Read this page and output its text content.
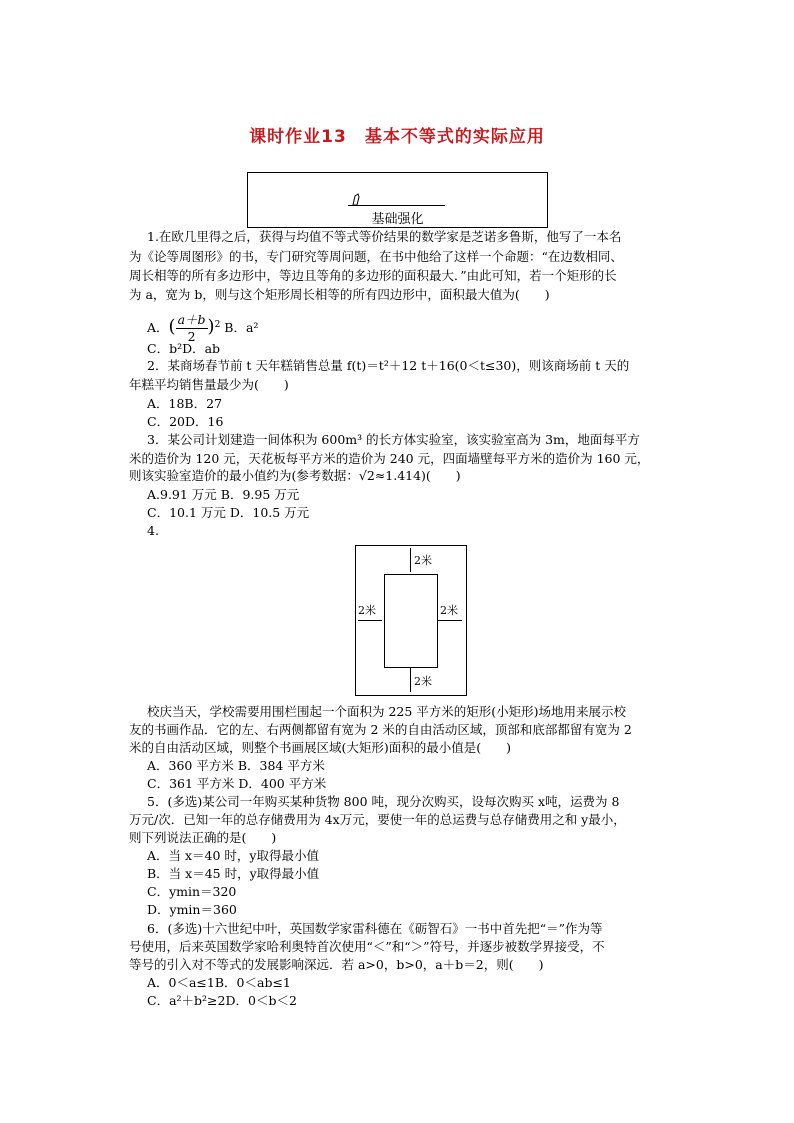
课时作业13　基本不等式的实际应用
基础强化
1.在欧几里得之后，获得与均值不等式等价结果的数学家是芝诺多鲁斯，他写了一本名
为《论等周图形》的书，专门研究等周问题，在书中他给了这样一个命题：“在边数相同、
周长相等的所有多边形中，等边且等角的多边形的面积最大．”由此可知，若一个矩形的长
为 a，宽为 b，则与这个矩形周长相等的所有四边形中，面积最大值为(　　)
A．( $\frac{a+b}{2} )^2$ B．a²
C．b²D．ab
2．某商场春节前 t 天年糕销售总量 f(t)＝t²＋12 t＋16(0＜t≤30)，则该商场前 t 天的
年糕平均销售量最少为(　　)
A．18B．27
C．20D．16
3．某公司计划建造一间体积为 600m³ 的长方体实验室，该实验室高为 3m，地面每平方
米的造价为 120 元，天花板每平方米的造价为 240 元，四面墙壁每平方米的造价为 160 元，
则该实验室造价的最小值约为(参考数据：√2≈1.414)(　　)
A.9.91 万元 B．9.95 万元
C．10.1 万元 D．10.5 万元
4.
2米
2米
2米	2米
校庆当天，学校需要用围栏围起一个面积为 225 平方米的矩形(小矩形)场地用来展示校
友的书画作品．它的左、右两侧都留有宽为 2 米的自由活动区域，顶部和底部都留有宽为 2
米的自由活动区域，则整个书画展区域(大矩形)面积的最小值是(　　)
A．360 平方米 B．384 平方米
C．361 平方米 D．400 平方米
5．(多选)某公司一年购买某种货物 800 吨，现分次购买，设每次购买 x吨，运费为 8
万元/次．已知一年的总存储费用为 4x万元，要使一年的总运费与总存储费用之和 y最小，
则下列说法正确的是(　　)
A．当 x＝40 时，y取得最小值
B．当 x＝45 时，y取得最小值
C．ymin＝320
D．ymin＝360
6．(多选)十六世纪中叶，英国数学家雷科德在《砺智石》一书中首先把“＝”作为等
号使用，后来英国数学家哈利奥特首次使用“＜”和“＞”符号，并逐步被数学界接受，不
等号的引入对不等式的发展影响深远．若 a>0，b>0，a＋b＝2，则(　　)
A．0＜a≤1B．0＜ab≤1
C．a²＋b²≥2D．0＜b＜2
